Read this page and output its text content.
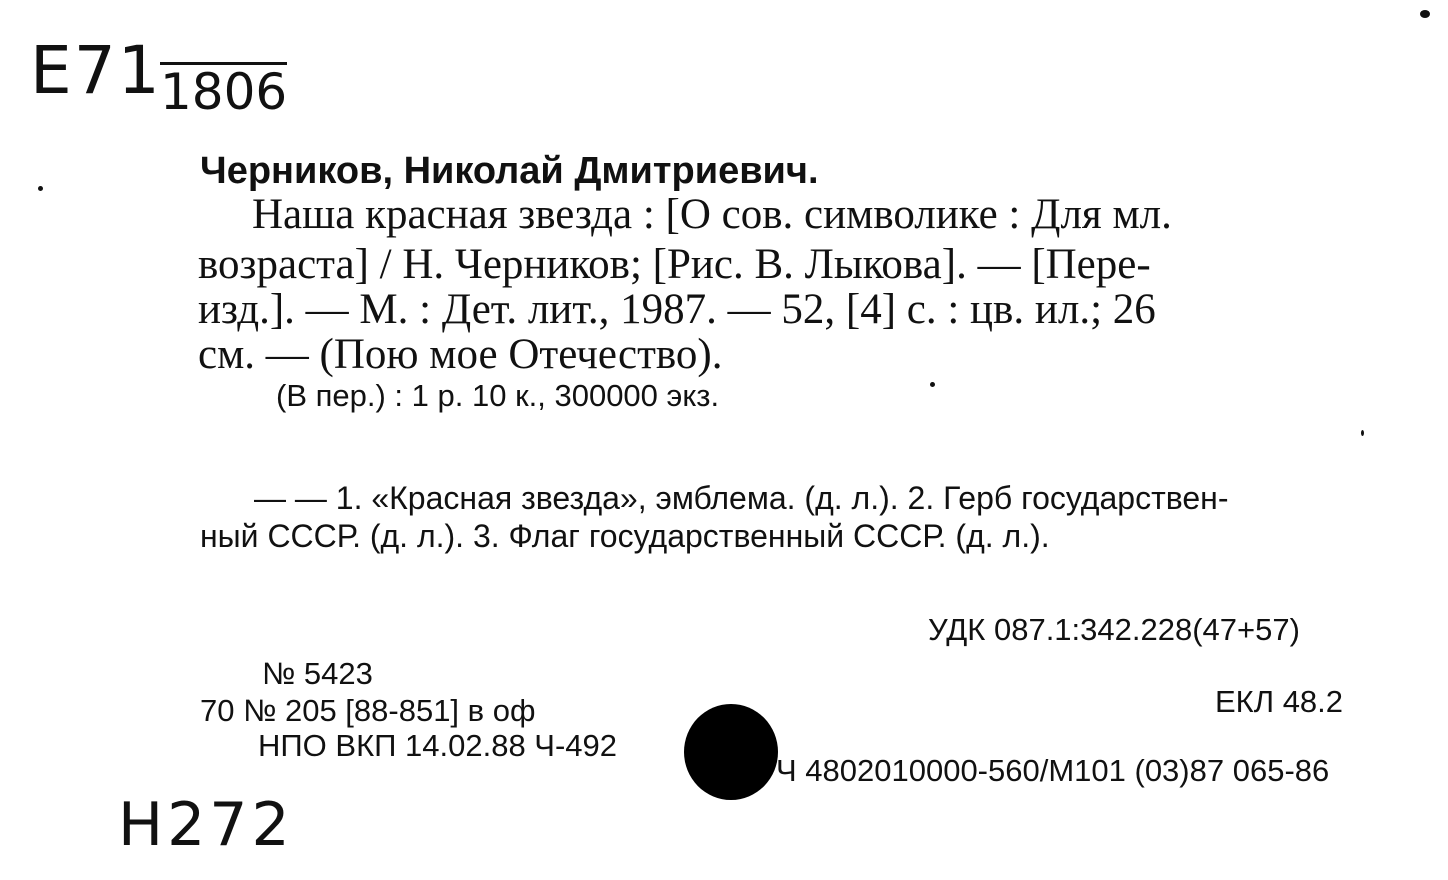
Е71
1806
Черников, Николай Дмитриевич.
Наша красная звезда : [О сов. символике : Для мл.
возраста] / Н. Черников; [Рис. В. Лыкова]. — [Пере-
изд.]. — М. : Дет. лит., 1987. — 52, [4] с. : цв. ил.; 26
см. — (Пою мое Отечество).
(В пер.) : 1 р. 10 к., 300000 экз.
— — 1. «Красная звезда», эмблема. (д. л.). 2. Герб государствен-
ный СССР. (д. л.). 3. Флаг государственный СССР. (д. л.).
УДК 087.1:342.228(47+57)
ЕКЛ 48.2
№ 5423
70 № 205 [88-851] в оф
НПО ВКП 14.02.88 Ч-492
Ч 4802010000-560/М101 (03)87 065-86
Н272
